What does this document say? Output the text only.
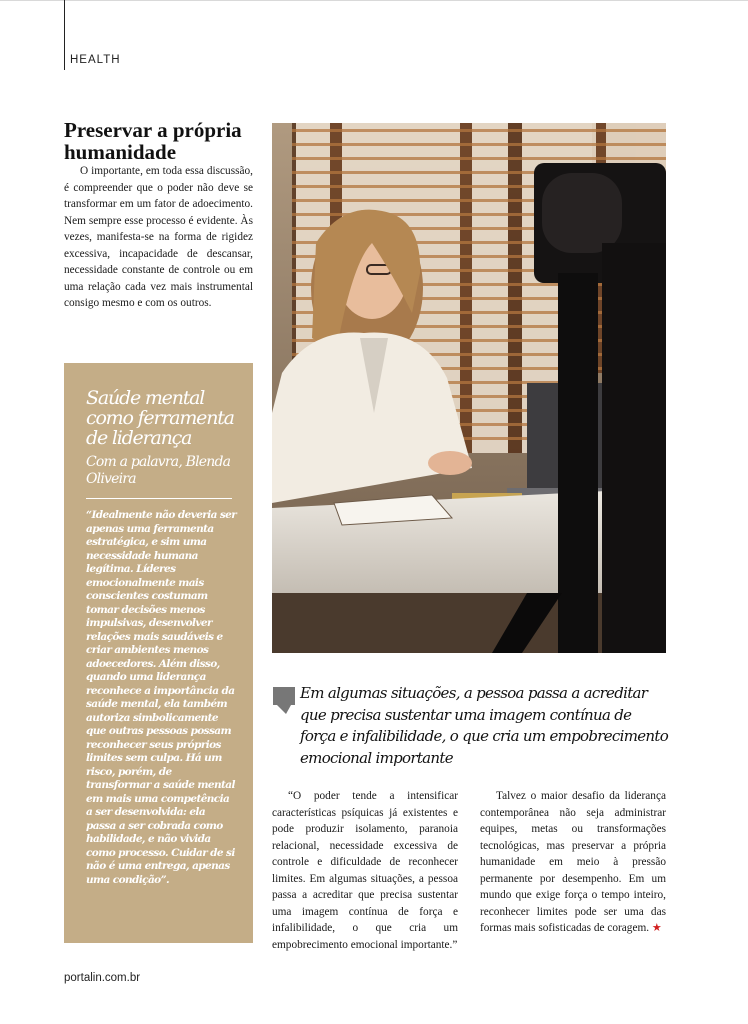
HEALTH
Preservar a própria humanidade

O importante, em toda essa discussão, é compreender que o poder não deve se transformar em um fator de adoecimento. Nem sempre esse processo é evidente. Às vezes, manifesta-se na forma de rigidez excessiva, incapacidade de descansar, necessidade constante de controle ou em uma relação cada vez mais instrumental consigo mesmo e com os outros.

Saúde mental como ferramenta de liderança

Com a palavra, Blenda Oliveira

“Idealmente não deveria ser apenas uma ferramenta estratégica, e sim uma necessidade humana legítima. Líderes emocionalmente mais conscientes costumam tomar decisões menos impulsivas, desenvolver relações mais saudáveis e criar ambientes menos adoecedores. Além disso, quando uma liderança reconhece a importância da saúde mental, ela também autoriza simbolicamente que outras pessoas possam reconhecer seus próprios limites sem culpa. Há um risco, porém, de transformar a saúde mental em mais uma competência a ser desenvolvida: ela passa a ser cobrada como habilidade, e não vivida como processo. Cuidar de si não é uma entrega, apenas uma condição”.

Em algumas situações, a pessoa passa a acreditar que precisa sustentar uma imagem contínua de força e infalibilidade, o que cria um empobrecimento emocional importante

“O poder tende a intensificar características psíquicas já existentes e pode produzir isolamento, paranoia relacional, necessidade excessiva de controle e dificuldade de reconhecer limites. Em algumas situações, a pessoa passa a acreditar que precisa sustentar uma imagem contínua de força e infalibilidade, o que cria um empobrecimento emocional importante.”

Talvez o maior desafio da liderança contemporânea não seja administrar equipes, metas ou transformações tecnológicas, mas preservar a própria humanidade em meio à pressão permanente por desempenho. Em um mundo que exige força o tempo inteiro, reconhecer limites pode ser uma das formas mais sofisticadas de coragem. ★

portalin.com.br
